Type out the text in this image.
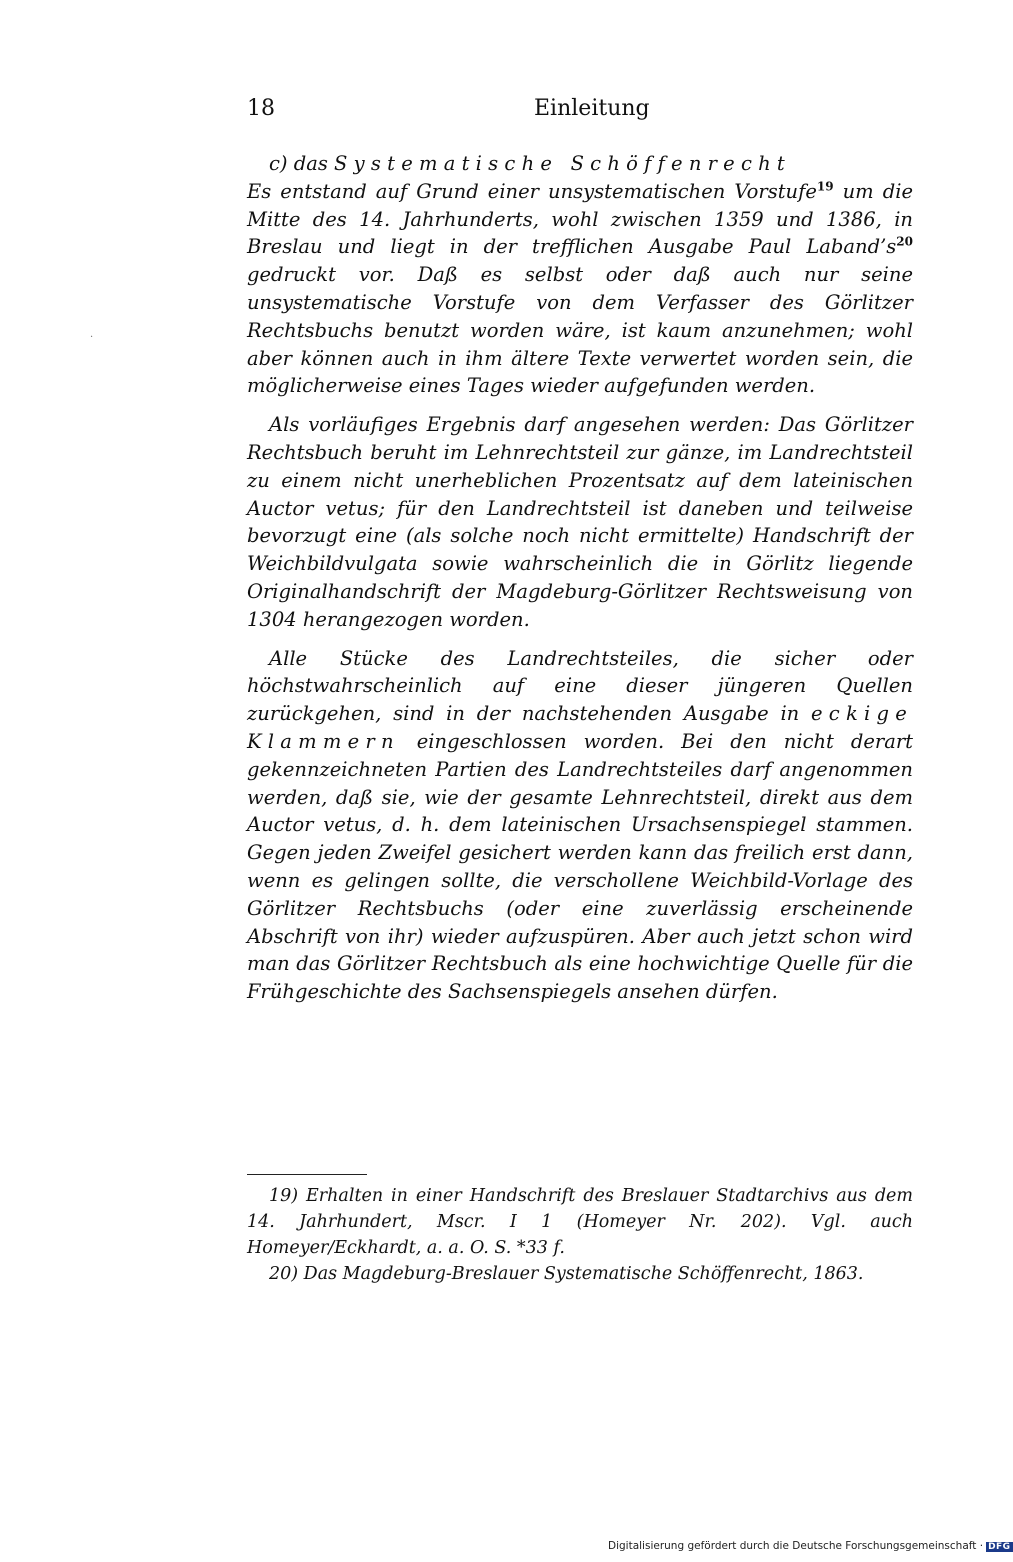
18	Einleitung
·

c) das Systematische Schöffenrecht

Es entstand auf Grund einer unsystematischen Vorstufe$^{19}$ um die Mitte des 14. Jahrhunderts, wohl zwischen 1359 und 1386, in Breslau und liegt in der trefflichen Ausgabe Paul Laband’s$^{20}$ gedruckt vor. Daß es selbst oder daß auch nur seine unsystematische Vorstufe von dem Verfasser des Görlitzer Rechtsbuchs benutzt worden wäre, ist kaum anzunehmen; wohl aber können auch in ihm ältere Texte verwertet worden sein, die möglicherweise eines Tages wieder aufgefunden werden.

Als vorläufiges Ergebnis darf angesehen werden: Das Görlitzer Rechtsbuch beruht im Lehnrechtsteil zur gänze, im Landrechtsteil zu einem nicht unerheblichen Prozentsatz auf dem lateinischen Auctor vetus; für den Landrechtsteil ist daneben und teilweise bevorzugt eine (als solche noch nicht ermittelte) Handschrift der Weichbildvulgata sowie wahrscheinlich die in Görlitz liegende Originalhandschrift der Magdeburg-Görlitzer Rechtsweisung von 1304 herangezogen worden.

Alle Stücke des Landrechtsteiles, die sicher oder höchstwahrscheinlich auf eine dieser jüngeren Quellen zurückgehen, sind in der nachstehenden Ausgabe in eckige Klammern eingeschlossen worden. Bei den nicht derart gekennzeichneten Partien des Landrechtsteiles darf angenommen werden, daß sie, wie der gesamte Lehnrechtsteil, direkt aus dem Auctor vetus, d. h. dem lateinischen Ursachsenspiegel stammen. Gegen jeden Zweifel gesichert werden kann das freilich erst dann, wenn es gelingen sollte, die verschollene Weichbild-Vorlage des Görlitzer Rechtsbuchs (oder eine zuverlässig erscheinende Abschrift von ihr) wieder aufzuspüren. Aber auch jetzt schon wird man das Görlitzer Rechtsbuch als eine hochwichtige Quelle für die Frühgeschichte des Sachsenspiegels ansehen dürfen.

19) Erhalten in einer Handschrift des Breslauer Stadtarchivs aus dem 14. Jahrhundert, Mscr. I 1 (Homeyer Nr. 202). Vgl. auch Homeyer/Eckhardt, a. a. O. S. *33 f.

20) Das Magdeburg-Breslauer Systematische Schöffenrecht, 1863.

Digitalisierung gefördert durch die Deutsche Forschungsgemeinschaft · DFG
